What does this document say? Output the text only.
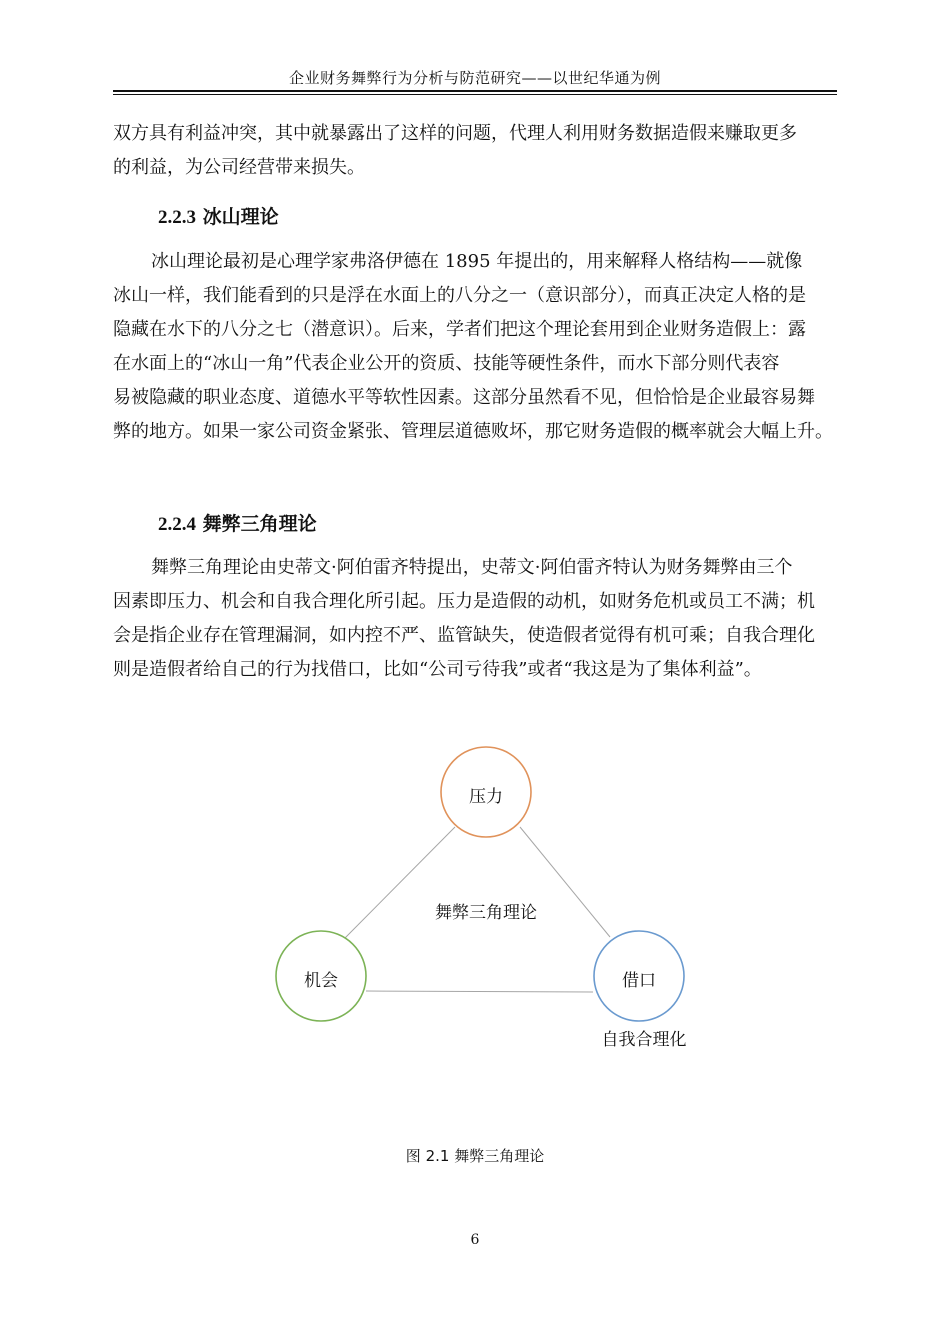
企业财务舞弊行为分析与防范研究——以世纪华通为例

双方具有利益冲突，其中就暴露出了这样的问题，代理人利用财务数据造假来赚取更多
的利益，为公司经营带来损失。

2.2.3 冰山理论

冰山理论最初是心理学家弗洛伊德在 1895 年提出的，用来解释人格结构——就像
冰山一样，我们能看到的只是浮在水面上的八分之一（意识部分），而真正决定人格的是
隐藏在水下的八分之七（潜意识）。后来，学者们把这个理论套用到企业财务造假上：露
在水面上的“冰山一角”代表企业公开的资质、技能等硬性条件，而水下部分则代表容
易被隐藏的职业态度、道德水平等软性因素。这部分虽然看不见，但恰恰是企业最容易舞
弊的地方。如果一家公司资金紧张、管理层道德败坏，那它财务造假的概率就会大幅上升。

2.2.4 舞弊三角理论

舞弊三角理论由史蒂文·阿伯雷齐特提出，史蒂文·阿伯雷齐特认为财务舞弊由三个
因素即压力、机会和自我合理化所引起。压力是造假的动机，如财务危机或员工不满；机
会是指企业存在管理漏洞，如内控不严、监管缺失，使造假者觉得有机可乘；自我合理化
则是造假者给自己的行为找借口，比如“公司亏待我”或者“我这是为了集体利益”。

压力
机会	借口
舞弊三角理论
自我合理化
图 2.1 舞弊三角理论
6
